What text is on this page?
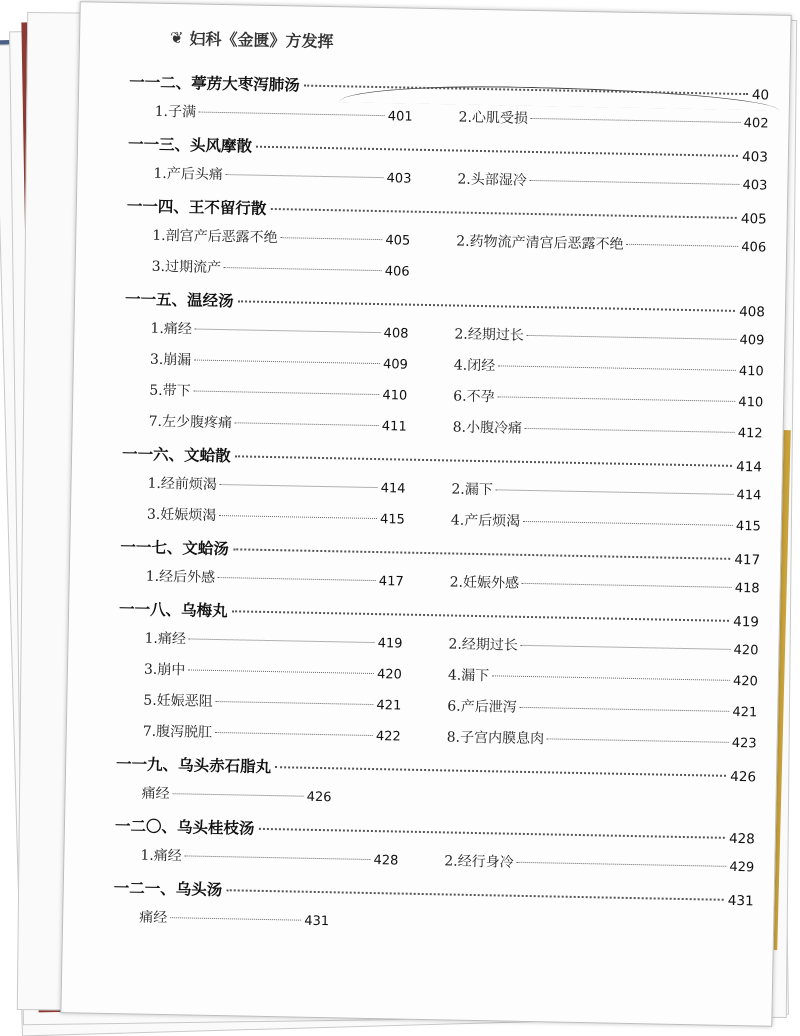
❦ 妇科《金匮》方发挥
一一二、葶苈大枣泻肺汤
40
1.子满	401	2.心肌受损	402
一一三、头风摩散
403
1.产后头痛	403	2.头部湿冷	403
一一四、王不留行散
405
1.剖宫产后恶露不绝	405	2.药物流产清宫后恶露不绝	406
3.过期流产	406
一一五、温经汤
408
1.痛经	408	2.经期过长	409
3.崩漏	409	4.闭经	410
5.带下	410	6.不孕	410
7.左少腹疼痛	411	8.小腹冷痛	412
一一六、文蛤散
414
1.经前烦渴	414	2.漏下	414
3.妊娠烦渴	415	4.产后烦渴	415
一一七、文蛤汤
417
1.经后外感	417	2.妊娠外感	418
一一八、乌梅丸
419
1.痛经	419	2.经期过长	420
3.崩中	420	4.漏下	420
5.妊娠恶阻	421	6.产后泄泻	421
7.腹泻脱肛	422	8.子宫内膜息肉	423
一一九、乌头赤石脂丸
426
痛经	426
一二〇、乌头桂枝汤
428
1.痛经	428	2.经行身冷	429
一二一、乌头汤
431
痛经	431
